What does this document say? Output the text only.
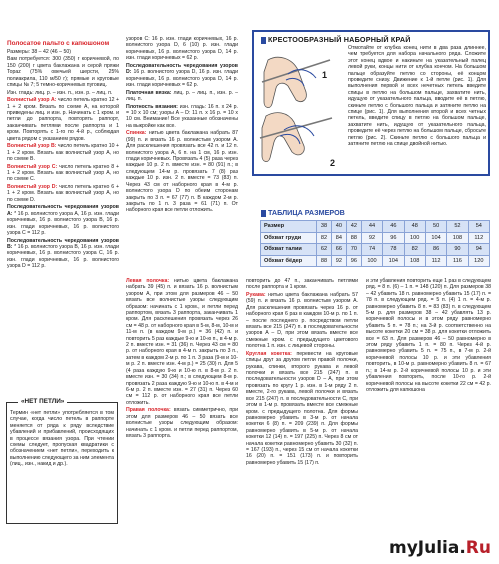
Полосатое пальто с капюшоном

Размеры: 38 – 42 (46 – 50)

Вам потребуется: 300 (350) г коричневой, по 150 (200) г цвета баклажана и серой пряжи Topaz (75% овечьей шерсти, 25% полиакрила, 110 м/50 г); прямые и круговые спицы № 7; 5 темно-коричневых пуговиц.

Изн. гладь: лиц. р. – изн. п., изн. р. – лиц. п.

Волнистый узор А: число петель кратно 12 + 1 + 2 кром. Вязать по схеме А, на которой приведены лиц. и изн. р. Начинать с 1 кром. и петли до раппорта, повторять раппорт, заканчивать петлями после раппорта и 1 кром. Повторять с 1-го по 4-й р., соблюдая цвета рядом с указанием рядов.

Волнистый узор В: число петель кратно 10 + 1 + 2 кром. Вязать как волнистый узор А, но по схеме В.

Волнистый узор С: число петель кратно 8 + 1 + 2 кром. Вязать как волнистый узор А, но по схеме С.

Волнистый узор D: число петель кратно 6 + 1 + 2 кром. Вязать как волнистый узор А, но по схеме D.

Последовательность чередования узоров A: * 16 р. волнистого узора А, 16 р. изн. глади коричневых, 16 р. волнистого узора В, 16 р. изн. глади коричневых, 16 р. волнистого узора С = 112 р.

Последовательность чередования узоров В: * 16 р. волнистого узора В, 16 р. изн. глади коричневых, 16 р. волнистого узора С, 16 р. изн. глади коричневых, 16 р. волнистого узора D = 112 р.

узоров С: 16 р. изн. глади коричневых, 16 р. волнистого узора D, 6 (10) р. изн. глади коричневых, 16 р. волнистого узора D, 14 р. изн. глади коричневых = 62 р.

Последовательность чередования узоров D: 16 р. волнистого узора D, 16 р. изн. глади коричневых, 16 р. волнистого узора D, 14 р. изн. глади коричневых = 62 р.

Платочная вязка: лиц. р. – лиц. п., изн. р. – лиц. п.

Плотность вязания: изн. гладь: 16 п. х 24 р. = 10 х 10 см; узоры A – D: 11 п. х 16 р. = 10 х 10 см. Внимание! Все указанные обозначены на выкройке как все.

Спинка: нитью цвета баклажана набрать 87 (99) п. и вязать 16 р. волнистым узором А. Для расклешения провязать все 42 п. и 12 п. волнистого узора А, 6 п. на 1 см, 16 р. изн. глади коричневых. Провязать 4 (5) раза через каждые 10 р. 2 п. вместе изн. = 80 (91) п.; в следующем 14-м р. провязать 7 (8) раз каждые 10 р. изн. 2 п. вместе = 73 (83) п. Через 43 см от наборного края в 4-м р. волнистого узора D по обеим сторонам закрыть по 3 п. = 67 (77) п. В каждом 2-м р. закрыть по 1 п. 3 раза = 61 (71) п. От наборного края все петли отложить.

Левая полочка: нитью цвета баклажана набрать 39 (45) п. и вязать 16 р. волнистым узором А, при этом для размеров 46 – 50 вязать все волнистые узоры следующим образом: начинать с 1 кром., и петли перед раппортом, вязать 3 раппорта, заканчивать 1 кром. Для расклешения провязать через 26 см = 48 р. от наборного края в 5-м, 8-м, 10-м и 11-м п. (в каждом 9-м р.) = 36 (42) п. и повторить 5 раз каждые 9-ю и 10-ю п., в 4-м р. 2 п. вместе изн. = 31 (36) п. Через 43 см = 80 р. от наборного края в 4-м п. закрыть по 3 п., затем в каждом 2-м р. по 1 п. 3 раза (9-м и 10-м р. 2 п. вместе изн. 4-м р.) = 25 (30) п. Для 5 (4 раза каждую 9-ю и 10-ю п. в 8-м р. 2 п. вместе изн. = 30 (34) п.; в следующем 8-м р. провязать 2 раза каждую 9-ю и 10-ю п. в 4-м и 6-м р. 2 п. вместе изн. = 27 (31) п. Через 60 см = 112 р. от наборного края все петли отложить.

Правая полочка: вязать симметрично, при этом для размеров 46 – 50 вязать все волнистые узоры следующим образом: начинать с 1 кром. и петли перед раппортом, вязать 3 раппорта.

повторить до 47 п., заканчивать петлями после раппорта и 1 кром.

Рукава: нитью цвета баклажана набрать 57 (59) п. и вязать 16 р. волнистым узором А. Для расклешения провязать через 16 р. от наборного края 6 раз в каждом 10-м р. по 1 п. – после последнего р. посредством петли вязать все 215 (247) п. в последовательности узоров A – D, при этом вязать вместе все смежные кром. с предыдущего цветового полотна 1 п. изн. с лицевой стороны.

Круглая кокетка: перевести на круговые спицы друг за другом петли правой полочки, рукава, спинки, второго рукава и левой полочки и вязать все 215 (247) п. в последовательности узоров D – A, при этом провязать по кругу 1 р. изн. в 1-м ряду 2 п. вместе, 2-го рукава, левой полочки и вязать все 215 (247) п. в последовательности С, при этом в 1-м р. провязать вместе все смежные кром. с предыдущего полотна. Для формы равномерно убавить в 3-м р. от начала кокетки 6 (8) п. = 209 (239) п. Для формы равномерно убавить в 5-м р. от начала кокетки 12 (14) п. = 197 (225) п. Через 8 см от начала кокетки равномерно убавить 30 (32) п. = 167 (193) п., через 15 см от начала кокетки 16 (20) п. = 151 (173) п. и повторить равномерно убавить 15 (17) п.

и эти убавления повторить еще 1 раз в следующем ряд. = 8 п. (6) – 1 п. = 148 (120) п. Для размеров 38 – 42 убавить 18 п. равномерно убавить 15 (17) п. = 78 п. в следующем ряд. = 5 п. (4) 1 п. = 4-м р. равномерно убавить 8 п. = 83 (83) п. в следующем 5-м р. для размеров 38 – 42 убавлять 13 р. коричневой полосы и в этом ряду равномерно убавить 5 п. = 78 п.; на 3-й р. соответственно на высоте кокетки 20 см = 38 р. для кокетки отложить все = 63 п. Для размеров 46 – 50 равномерно в этом ряду убавить 1 п. = 80 п. Через 4-й р. равномерно убавить 5 п. = 75 п., в 7-м р. 2-й коричневой полосы 10 р. и эти убавления повторить, в 10-м р. равномерно убавить 8 п. = 67 п.; в 14-м р. 2-й коричневой полосы 10 р. и эти убавления повторить, после 10-го р. 2-й коричневой полосы на высоте кокетки 22 см = 42 р. отложить для капюшона

«НЕТ ПЕТЛИ»
Термин «нет петли» употребляется в том случае, когда число петель в раппорте меняется от ряда к ряду вследствие убавлений и прибавлений, происходящих в процессе вязания узора. При чтении схемы следует, пропуская квадратики с обозначением «нет петли», переходить к выполнению следующего за ним элемента (лиц., изн., накид и др.).
КРЕСТООБРАЗНЫЙ НАБОРНЫЙ КРАЙ
1
2
Отмотайте от клубка конец нити в два раза длиннее, чем требуется для набора начального ряда. Сложите этот конец вдвое и накиньте на указательный палец левой руки, концы нити от клубка кончом. На большом пальце образуйте петлю со стороны, её концом проведите снизу. Движение к 1-й петле (рис. 1). Для выполнения первой и всех нечетных петель введите спицы в петлю на большом пальце, захватите нить, идущую от указательного пальца, вводите её в петлю, скиньте петлю с большого пальца и затяните петлю на спице (рис. 1). Для выполнения второй и всех четных петель, введите спицу в петлю на большом пальце, захватите нить, идущую от указательного пальца, проведите её через петлю на большом пальце, сбросьте петлю (рис. 2). Скиньте петлю с большого пальца и затяните петлю на спице двойной нитью.
ТАБЛИЦА РАЗМЕРОВ
Размер	38	40	42	44	46	48	50	52	54
Обхват груди	82	84	88	92	96	100	104	108	112
Обхват талии	62	66	70	74	78	82	86	90	94
Обхват бёдер	88	92	96	100	104	108	112	116	120
myJulia.Ru
